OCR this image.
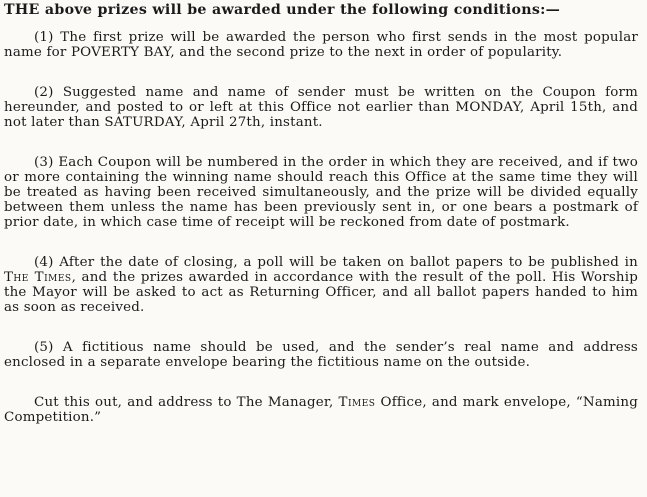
THE above prizes will be awarded under the following conditions:—

(1) The first prize will be awarded the person who first sends in the most popular name for POVERTY BAY, and the second prize to the next in order of popularity.

(2) Suggested name and name of sender must be written on the Coupon form hereunder, and posted to or left at this Office not earlier than MONDAY, April 15th, and not later than SATURDAY, April 27th, instant.

(3) Each Coupon will be numbered in the order in which they are received, and if two or more containing the winning name should reach this Office at the same time they will be treated as having been received simultaneously, and the prize will be divided equally between them unless the name has been previously sent in, or one bears a postmark of prior date, in which case time of receipt will be reckoned from date of postmark.

(4) After the date of closing, a poll will be taken on ballot papers to be published in The Times, and the prizes awarded in accordance with the result of the poll. His Worship the Mayor will be asked to act as Returning Officer, and all ballot papers handed to him as soon as received.

(5) A fictitious name should be used, and the sender’s real name and address enclosed in a separate envelope bearing the fictitious name on the outside.

Cut this out, and address to The Manager, Times Office, and mark envelope, “Naming Competition.”
